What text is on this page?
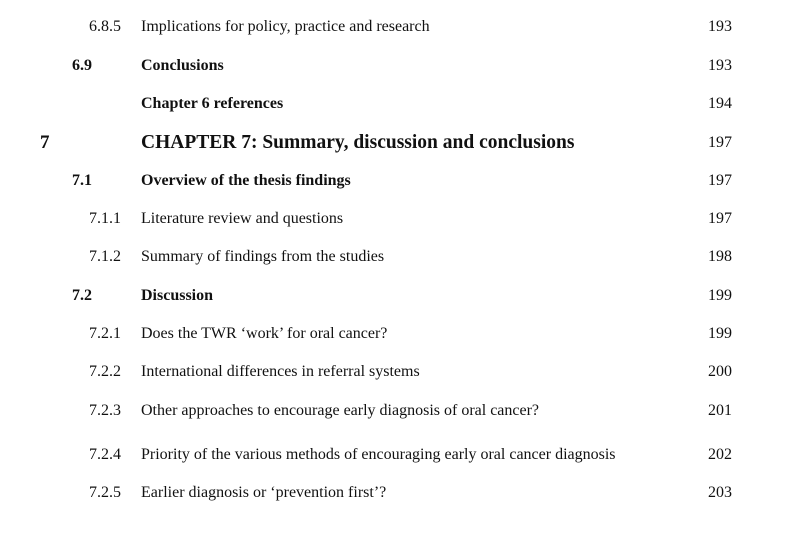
6.8.5 Implications for policy, practice and research	193
6.9	Conclusions	193
Chapter 6 references	194
7	CHAPTER 7: Summary, discussion and conclusions	197
7.1	Overview of the thesis findings	197
7.1.1 Literature review and questions	197
7.1.2 Summary of findings from the studies	198
7.2	Discussion	199
7.2.1 Does the TWR ‘work’ for oral cancer?	199
7.2.2 International differences in referral systems	200
7.2.3 Other approaches to encourage early diagnosis of oral cancer?	201
7.2.4 Priority of the various methods of encouraging early oral cancer diagnosis	202
7.2.5 Earlier diagnosis or ‘prevention first’?	203
